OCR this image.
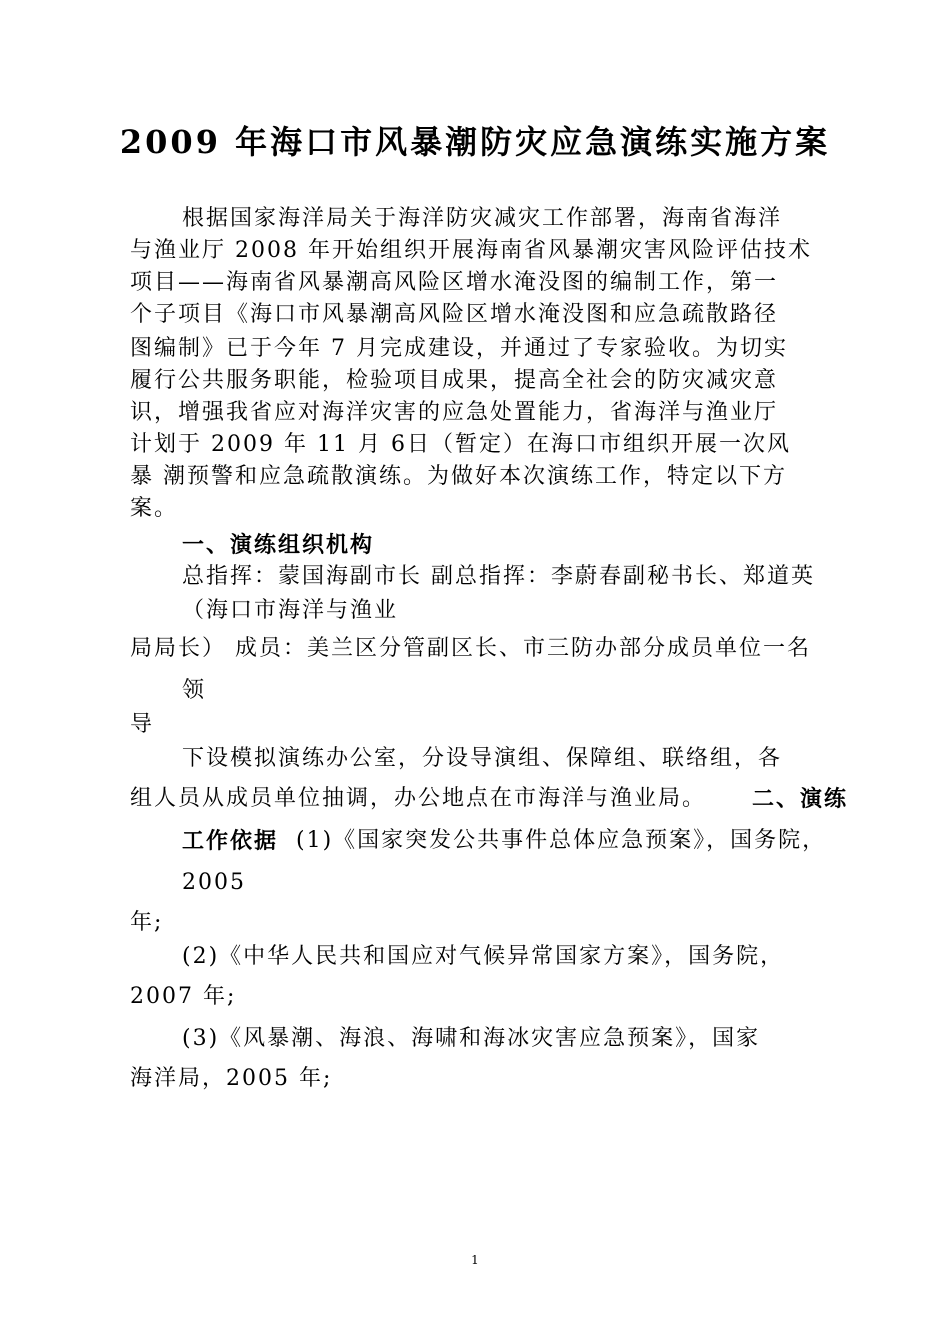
2009 年海口市风暴潮防灾应急演练实施方案

根据国家海洋局关于海洋防灾减灾工作部署，海南省海洋

与渔业厅 2008 年开始组织开展海南省风暴潮灾害风险评估技术

项目——海南省风暴潮高风险区增水淹没图的编制工作，第一

个子项目《海口市风暴潮高风险区增水淹没图和应急疏散路径

图编制》已于今年 7 月完成建设，并通过了专家验收。为切实

履行公共服务职能，检验项目成果，提高全社会的防灾减灾意

识，增强我省应对海洋灾害的应急处置能力，省海洋与渔业厅

计划于 2009 年 11 月 6日（暂定）在海口市组织开展一次风

暴 潮预警和应急疏散演练。为做好本次演练工作，特定以下方

案。

一、演练组织机构

总指挥：蒙国海副市长 副总指挥：李蔚春副秘书长、郑道英

（海口市海洋与渔业

局局长） 成员：美兰区分管副区长、市三防办部分成员单位一名

领

导

下设模拟演练办公室，分设导演组、保障组、联络组，各

组人员从成员单位抽调，办公地点在市海洋与渔业局。 二、演练

工作依据 (1)《国家突发公共事件总体应急预案》，国务院，

2005

年;

(2)《中华人民共和国应对气候异常国家方案》，国务院，

2007 年;

(3)《风暴潮、海浪、海啸和海冰灾害应急预案》，国家

海洋局，2005 年;

1
